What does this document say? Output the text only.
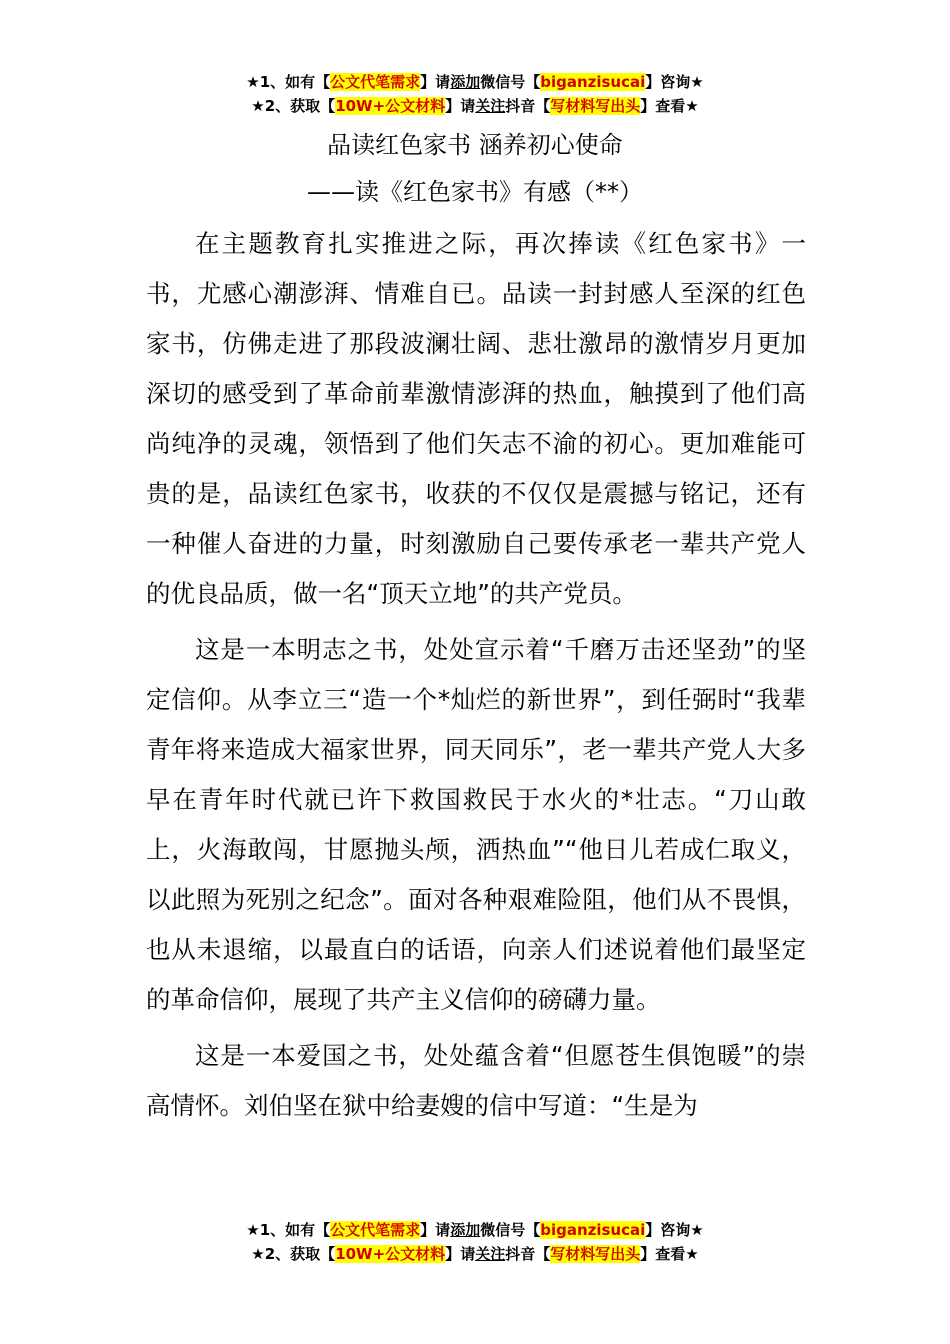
★1、如有【公文代笔需求】请添加微信号【biganzisucai】咨询★
★2、获取【10W+公文材料】请关注抖音【写材料写出头】查看★
品读红色家书 涵养初心使命
——读《红色家书》有感（**）

在主题教育扎实推进之际，再次捧读《红色家书》一书，尤感心潮澎湃、情难自已。品读一封封感人至深的红色家书，仿佛走进了那段波澜壮阔、悲壮激昂的激情岁月更加深切的感受到了革命前辈激情澎湃的热血，触摸到了他们高尚纯净的灵魂，领悟到了他们矢志不渝的初心。更加难能可贵的是，品读红色家书，收获的不仅仅是震撼与铭记，还有一种催人奋进的力量，时刻激励自己要传承老一辈共产党人的优良品质，做一名“顶天立地”的共产党员。

这是一本明志之书，处处宣示着“千磨万击还坚劲”的坚定信仰。从李立三“造一个*灿烂的新世界”，到任弼时“我辈青年将来造成大福家世界，同天同乐”，老一辈共产党人大多早在青年时代就已许下救国救民于水火的*壮志。“刀山敢上，火海敢闯，甘愿抛头颅，洒热血”“他日儿若成仁取义，以此照为死别之纪念”。面对各种艰难险阻，他们从不畏惧，也从未退缩，以最直白的话语，向亲人们述说着他们最坚定的革命信仰，展现了共产主义信仰的磅礴力量。

这是一本爱国之书，处处蕴含着“但愿苍生俱饱暖”的崇高情怀。刘伯坚在狱中给妻嫂的信中写道：“生是为

★1、如有【公文代笔需求】请添加微信号【biganzisucai】咨询★
★2、获取【10W+公文材料】请关注抖音【写材料写出头】查看★
